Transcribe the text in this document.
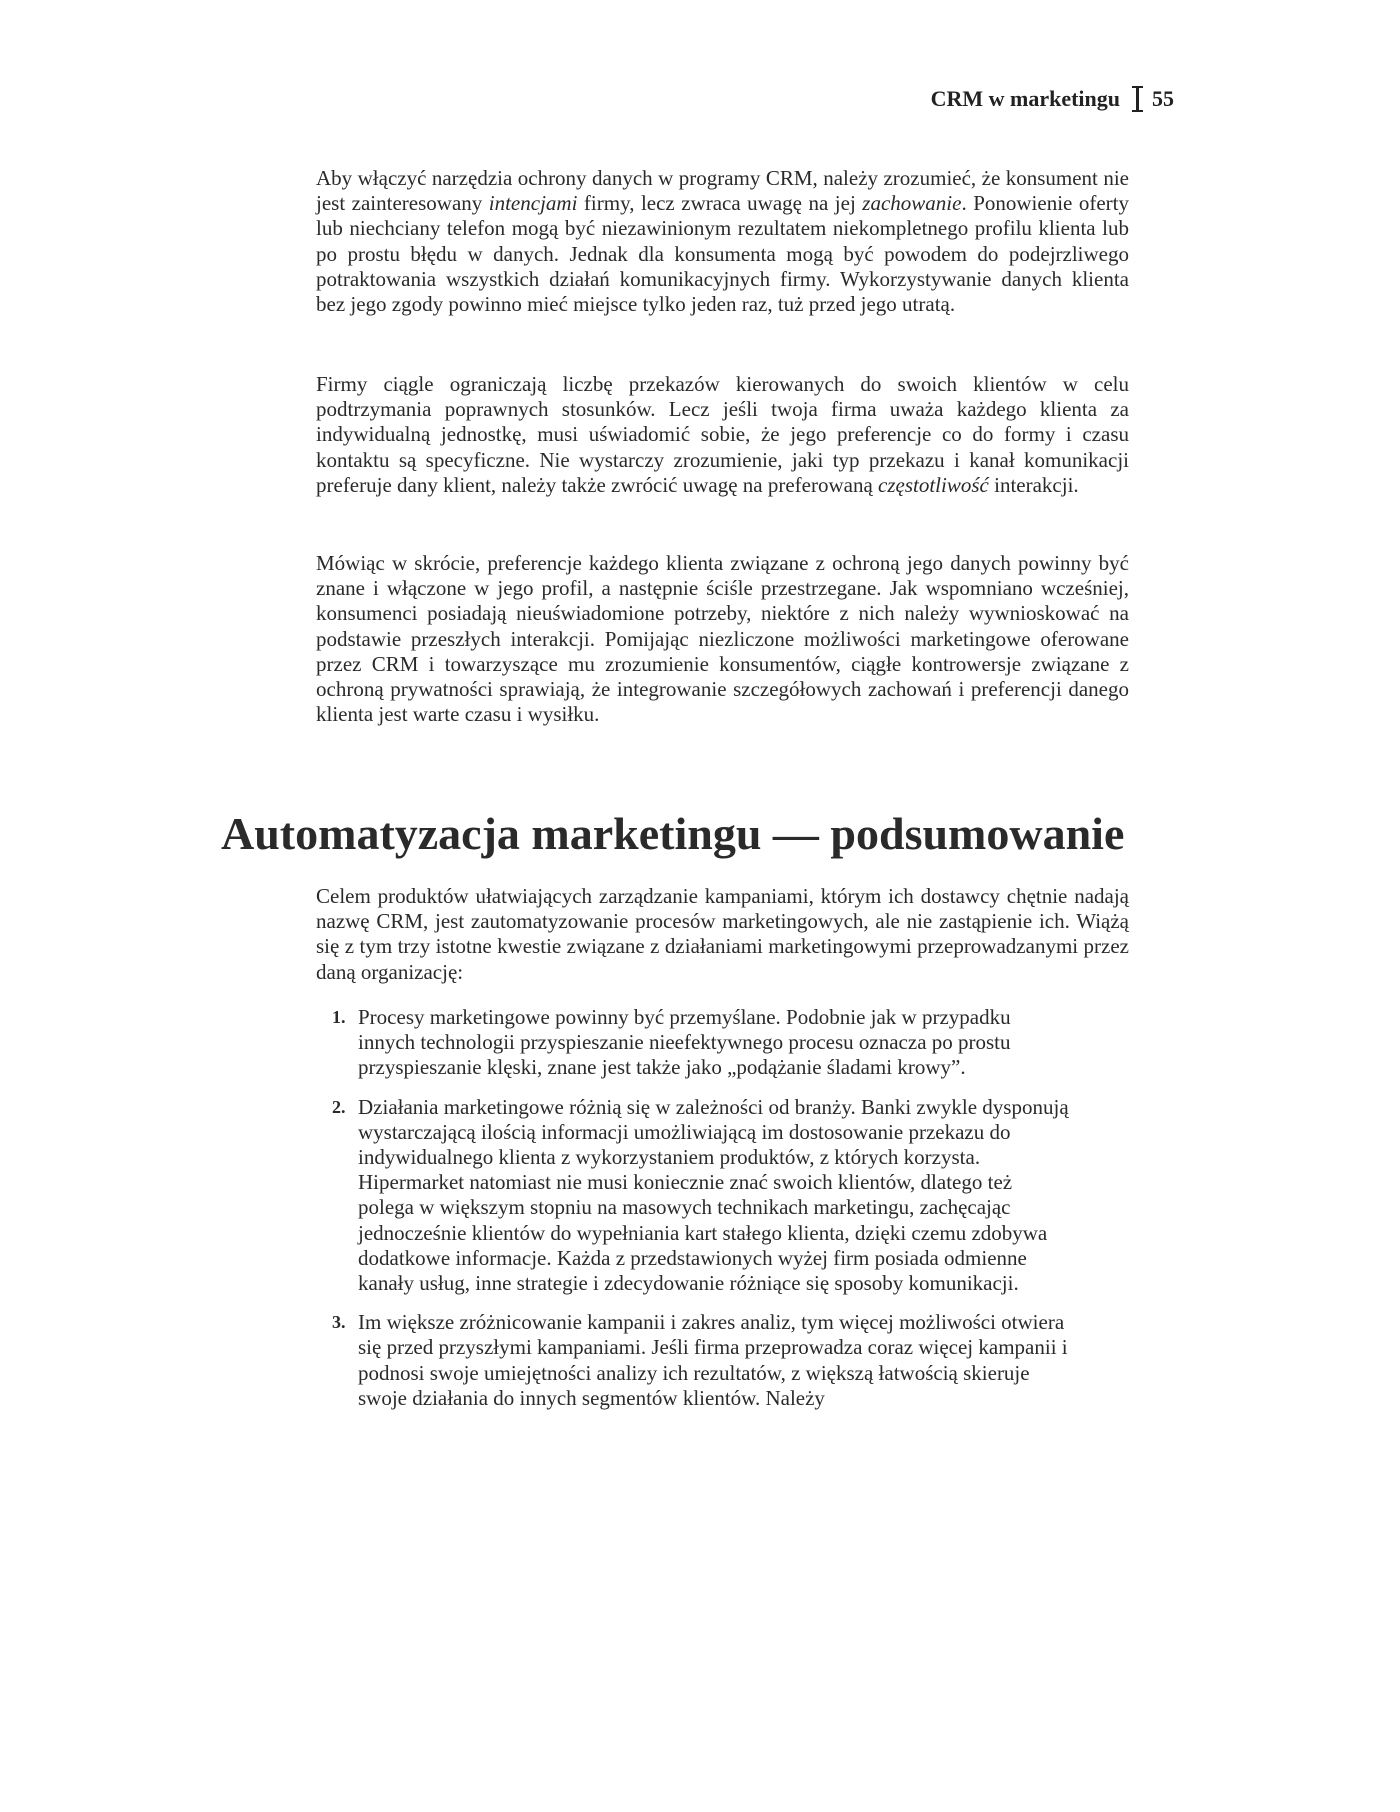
CRM w marketingu 55

Aby włączyć narzędzia ochrony danych w programy CRM, należy zrozumieć, że konsument nie jest zainteresowany intencjami firmy, lecz zwraca uwagę na jej zachowanie. Ponowienie oferty lub niechciany telefon mogą być niezawinionym rezultatem niekompletnego profilu klienta lub po prostu błędu w danych. Jednak dla konsumenta mogą być powodem do podejrzliwego potraktowania wszystkich działań komunikacyjnych firmy. Wykorzystywanie danych klienta bez jego zgody powinno mieć miejsce tylko jeden raz, tuż przed jego utratą.

Firmy ciągle ograniczają liczbę przekazów kierowanych do swoich klientów w celu podtrzymania poprawnych stosunków. Lecz jeśli twoja firma uważa każdego klienta za indywidualną jednostkę, musi uświadomić sobie, że jego preferencje co do formy i czasu kontaktu są specyficzne. Nie wystarczy zrozumienie, jaki typ przekazu i kanał komunikacji preferuje dany klient, należy także zwrócić uwagę na preferowaną częstotliwość interakcji.

Mówiąc w skrócie, preferencje każdego klienta związane z ochroną jego danych powinny być znane i włączone w jego profil, a następnie ściśle przestrzegane. Jak wspomniano wcześniej, konsumenci posiadają nieuświadomione potrzeby, niektóre z nich należy wywnioskować na podstawie przeszłych interakcji. Pomijając niezliczone możliwości marketingowe oferowane przez CRM i towarzyszące mu zrozumienie konsumentów, ciągłe kontrowersje związane z ochroną prywatności sprawiają, że integrowanie szczegółowych zachowań i preferencji danego klienta jest warte czasu i wysiłku.

Automatyzacja marketingu — podsumowanie

Celem produktów ułatwiających zarządzanie kampaniami, którym ich dostawcy chętnie nadają nazwę CRM, jest zautomatyzowanie procesów marketingowych, ale nie zastąpienie ich. Wiążą się z tym trzy istotne kwestie związane z działaniami marketingowymi przeprowadzanymi przez daną organizację:

1. Procesy marketingowe powinny być przemyślane. Podobnie jak w przypadku innych technologii przyspieszanie nieefektywnego procesu oznacza po prostu przyspieszanie klęski, znane jest także jako „podążanie śladami krowy”.
2. Działania marketingowe różnią się w zależności od branży. Banki zwykle dysponują wystarczającą ilością informacji umożliwiającą im dostosowanie przekazu do indywidualnego klienta z wykorzystaniem produktów, z których korzysta. Hipermarket natomiast nie musi koniecznie znać swoich klientów, dlatego też polega w większym stopniu na masowych technikach marketingu, zachęcając jednocześnie klientów do wypełniania kart stałego klienta, dzięki czemu zdobywa dodatkowe informacje. Każda z przedstawionych wyżej firm posiada odmienne kanały usług, inne strategie i zdecydowanie różniące się sposoby komunikacji.
3. Im większe zróżnicowanie kampanii i zakres analiz, tym więcej możliwości otwiera się przed przyszłymi kampaniami. Jeśli firma przeprowadza coraz więcej kampanii i podnosi swoje umiejętności analizy ich rezultatów, z większą łatwością skieruje swoje działania do innych segmentów klientów. Należy
